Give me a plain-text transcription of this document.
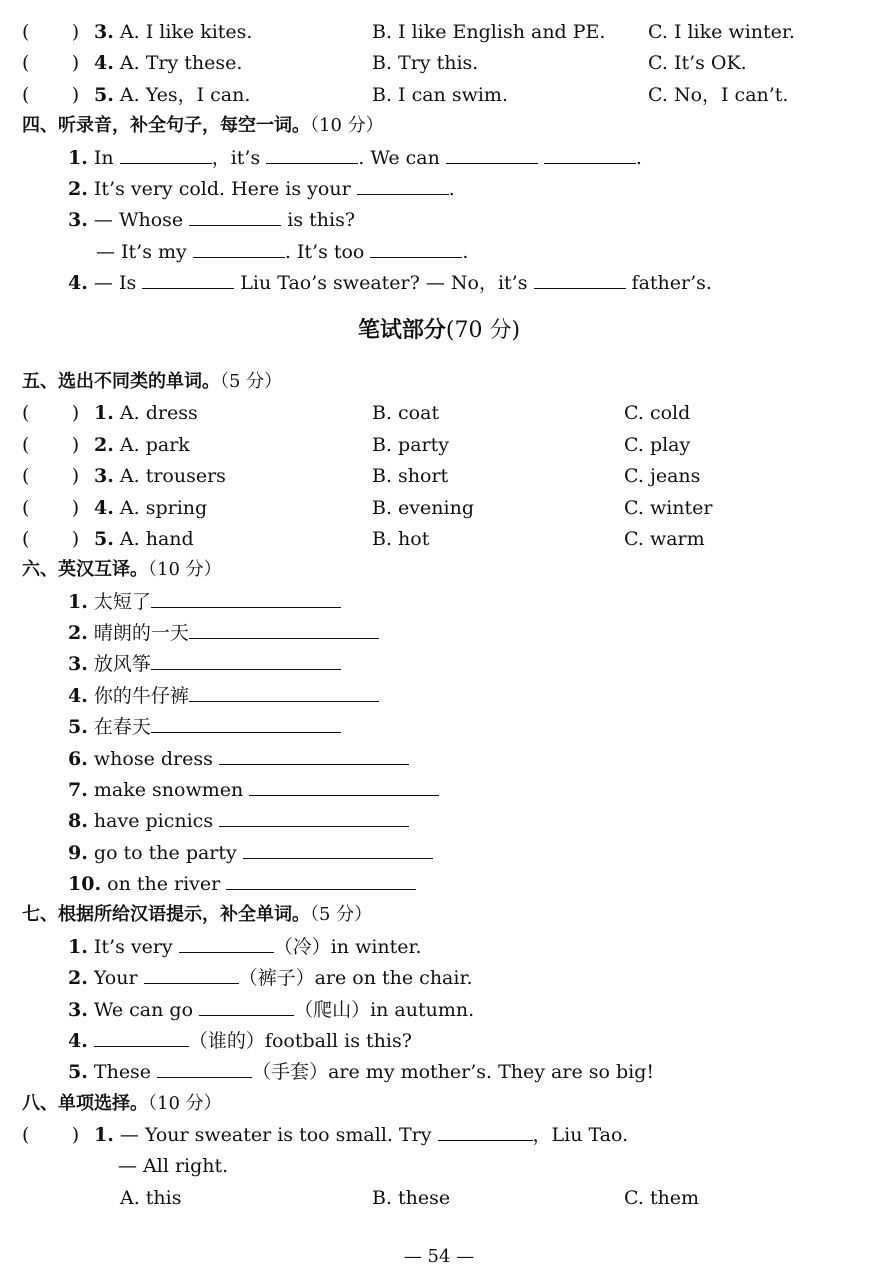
(       ) 3. A. I like kites.	B. I like English and PE. C. I like winter.
(       ) 4. A. Try these.	B. Try this.	C. It’s OK.
(       ) 5. A. Yes，I can.	B. I can swim.	C. No，I can’t.
四、听录音，补全句子，每空一词。（10 分）
1. In	，it’s	. We can	.
2. It’s very cold. Here is your	.
3. — Whose	is this?
— It’s my	. It’s too	.
4. — Is	Liu Tao’s sweater? — No，it’s	father’s.
笔试部分(70 分)
五、选出不同类的单词。（5 分）
(       ) 1. A. dress	B. coat	C. cold
(       ) 2. A. park	B. party	C. play
(       ) 3. A. trousers	B. short	C. jeans
(       ) 4. A. spring	B. evening	C. winter
(       ) 5. A. hand	B. hot	C. warm
六、英汉互译。（10 分）
1. 太短了
2. 晴朗的一天
3. 放风筝
4. 你的牛仔裤
5. 在春天
6. whose dress
7. make snowmen
8. have picnics
9. go to the party
10. on the river
七、根据所给汉语提示，补全单词。（5 分）
1. It’s very	（冷）in winter.
2. Your	（裤子）are on the chair.
3. We can go	（爬山）in autumn.
4.	（谁的）football is this?
5. These	（手套）are my mother’s. They are so big!
八、单项选择。（10 分）
(       ) 1. — Your sweater is too small. Try	，Liu Tao.
— All right.
A. this	B. these	C. them
— 54 —
